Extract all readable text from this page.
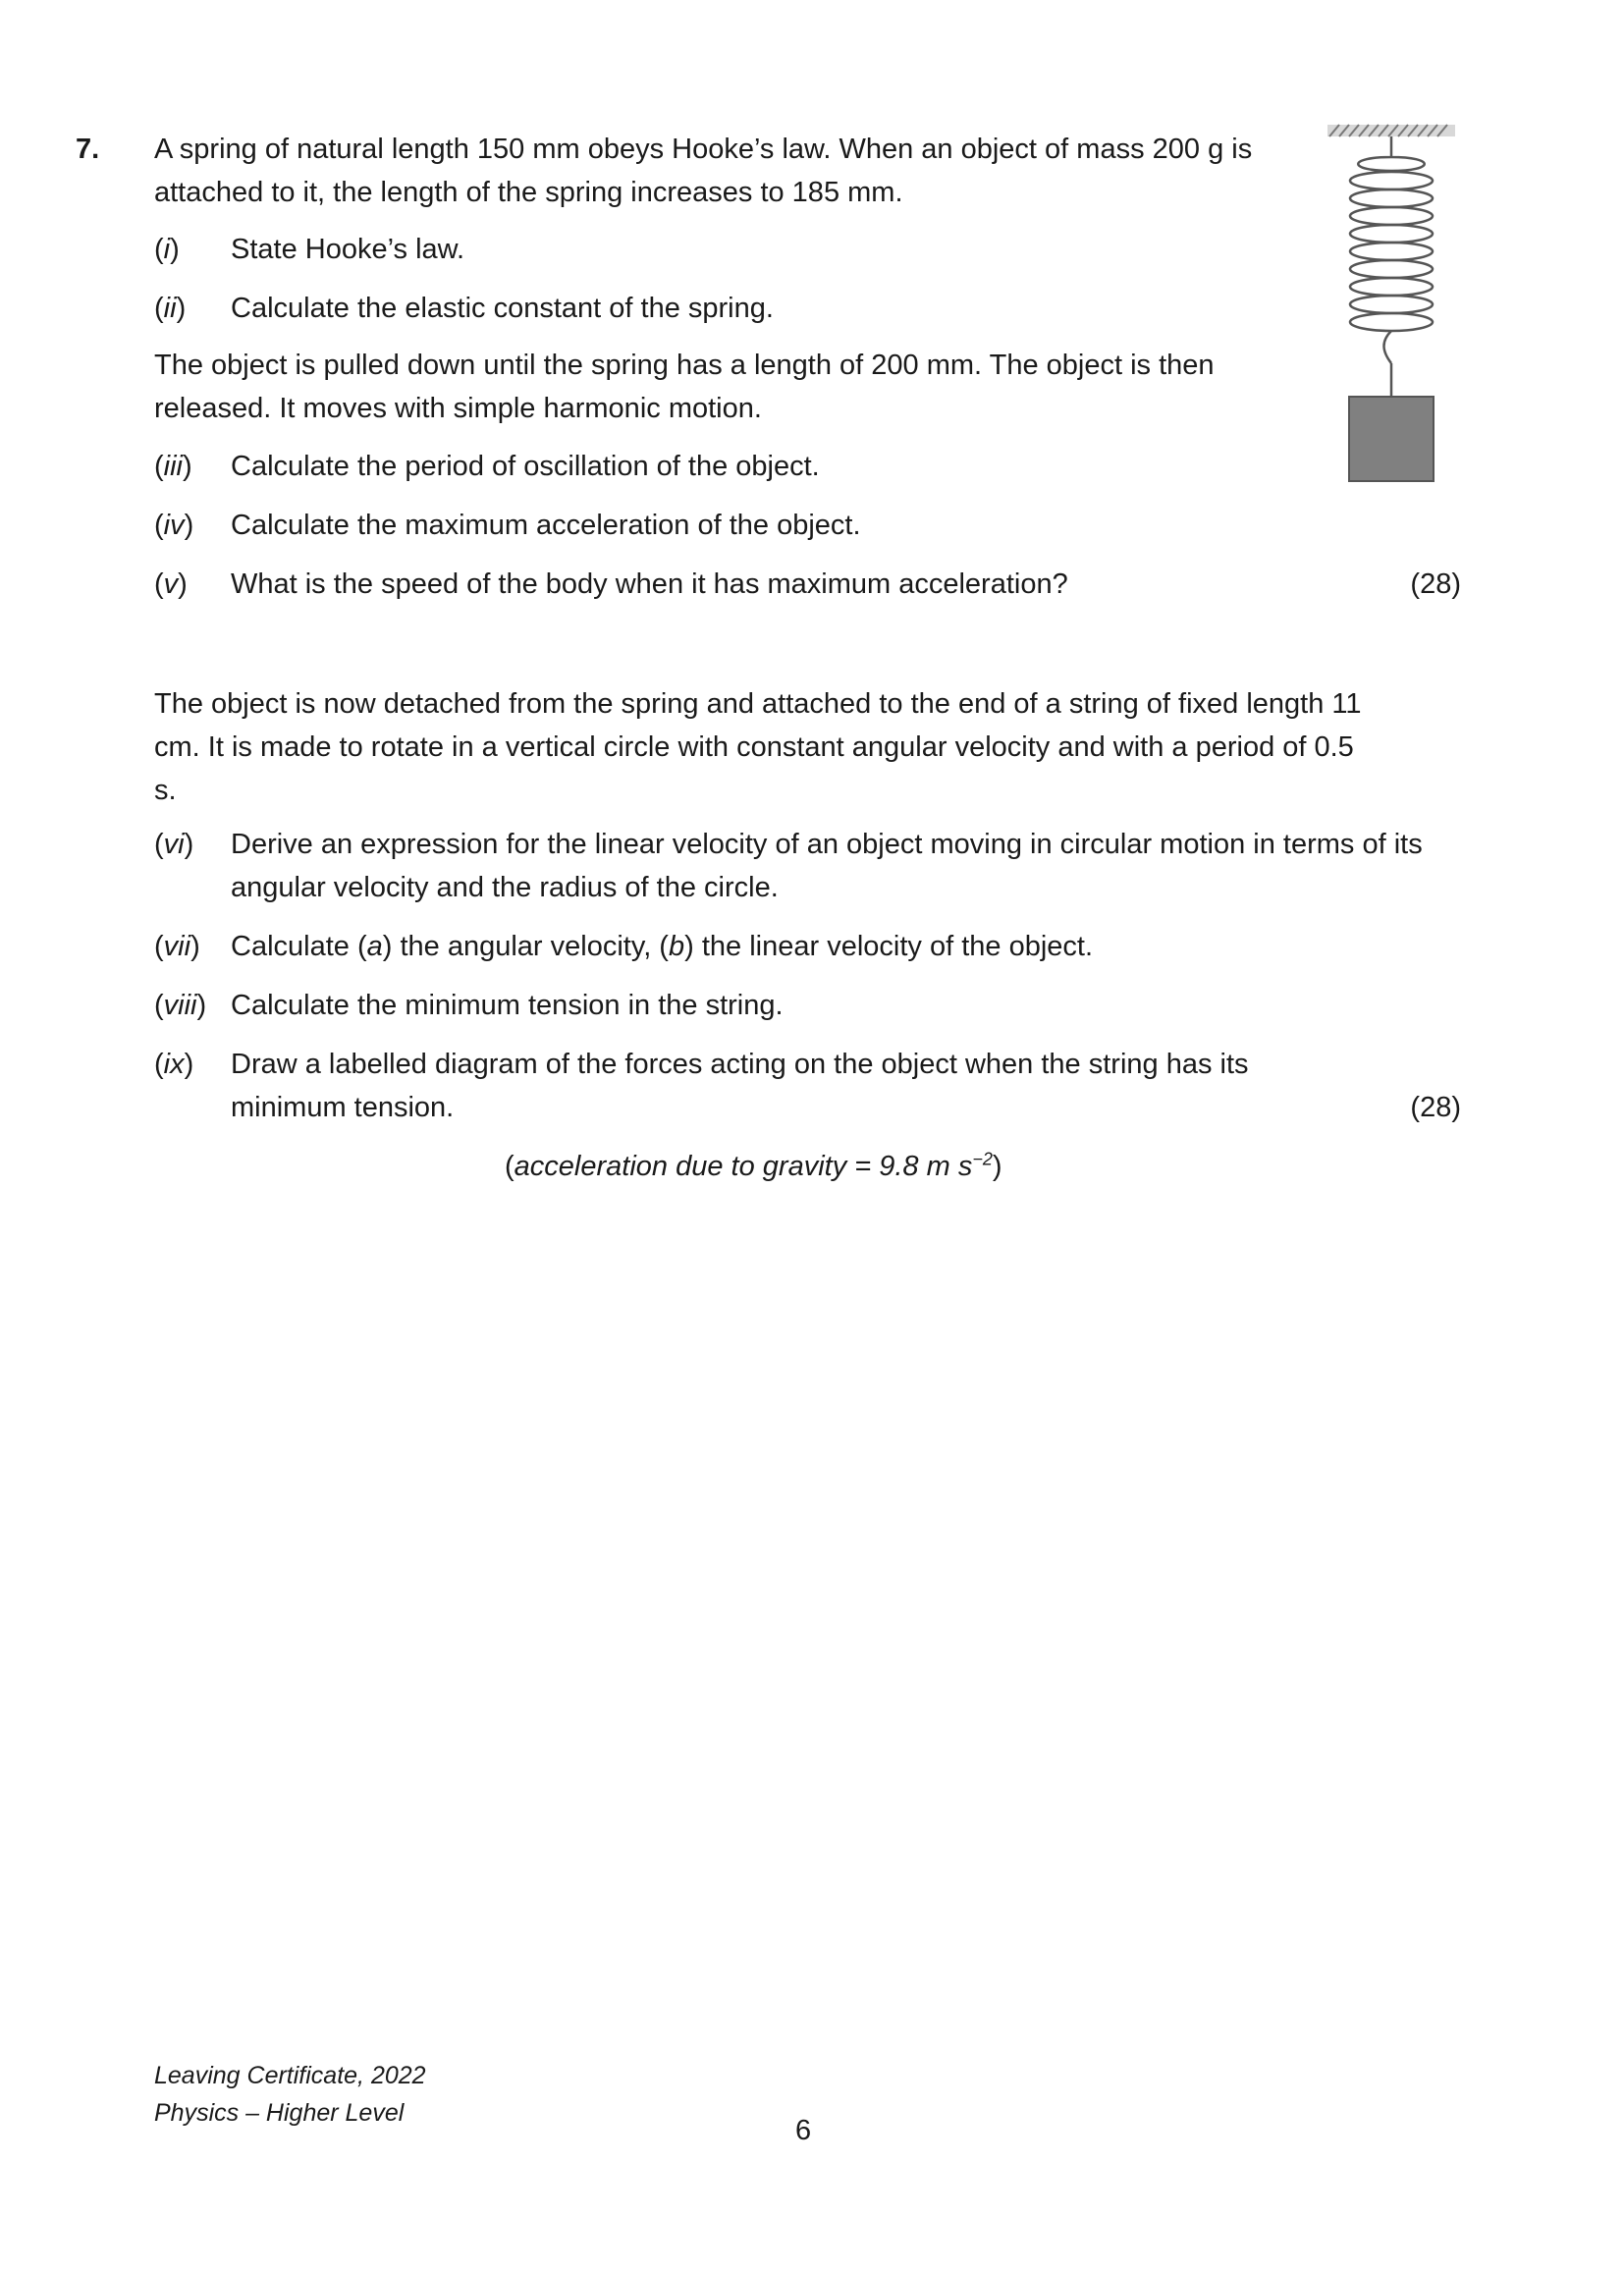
7. A spring of natural length 150 mm obeys Hooke’s law. When an object of mass 200 g is attached to it, the length of the spring increases to 185 mm.
(i) State Hooke’s law.
(ii) Calculate the elastic constant of the spring.
The object is pulled down until the spring has a length of 200 mm. The object is then released. It moves with simple harmonic motion.
(iii) Calculate the period of oscillation of the object.
(iv) Calculate the maximum acceleration of the object.
(v) What is the speed of the body when it has maximum acceleration?	(28)
The object is now detached from the spring and attached to the end of a string of fixed length 11 cm. It is made to rotate in a vertical circle with constant angular velocity and with a period of 0.5 s.
(vi) Derive an expression for the linear velocity of an object moving in circular motion in terms of its angular velocity and the radius of the circle.
(vii) Calculate (a) the angular velocity, (b) the linear velocity of the object.
(viii) Calculate the minimum tension in the string.
(ix) Draw a labelled diagram of the forces acting on the object when the string has its minimum tension.	(28)
(acceleration due to gravity = 9.8 m $s^{-2}$)
Leaving Certificate, 2022
Physics – Higher Level
6
